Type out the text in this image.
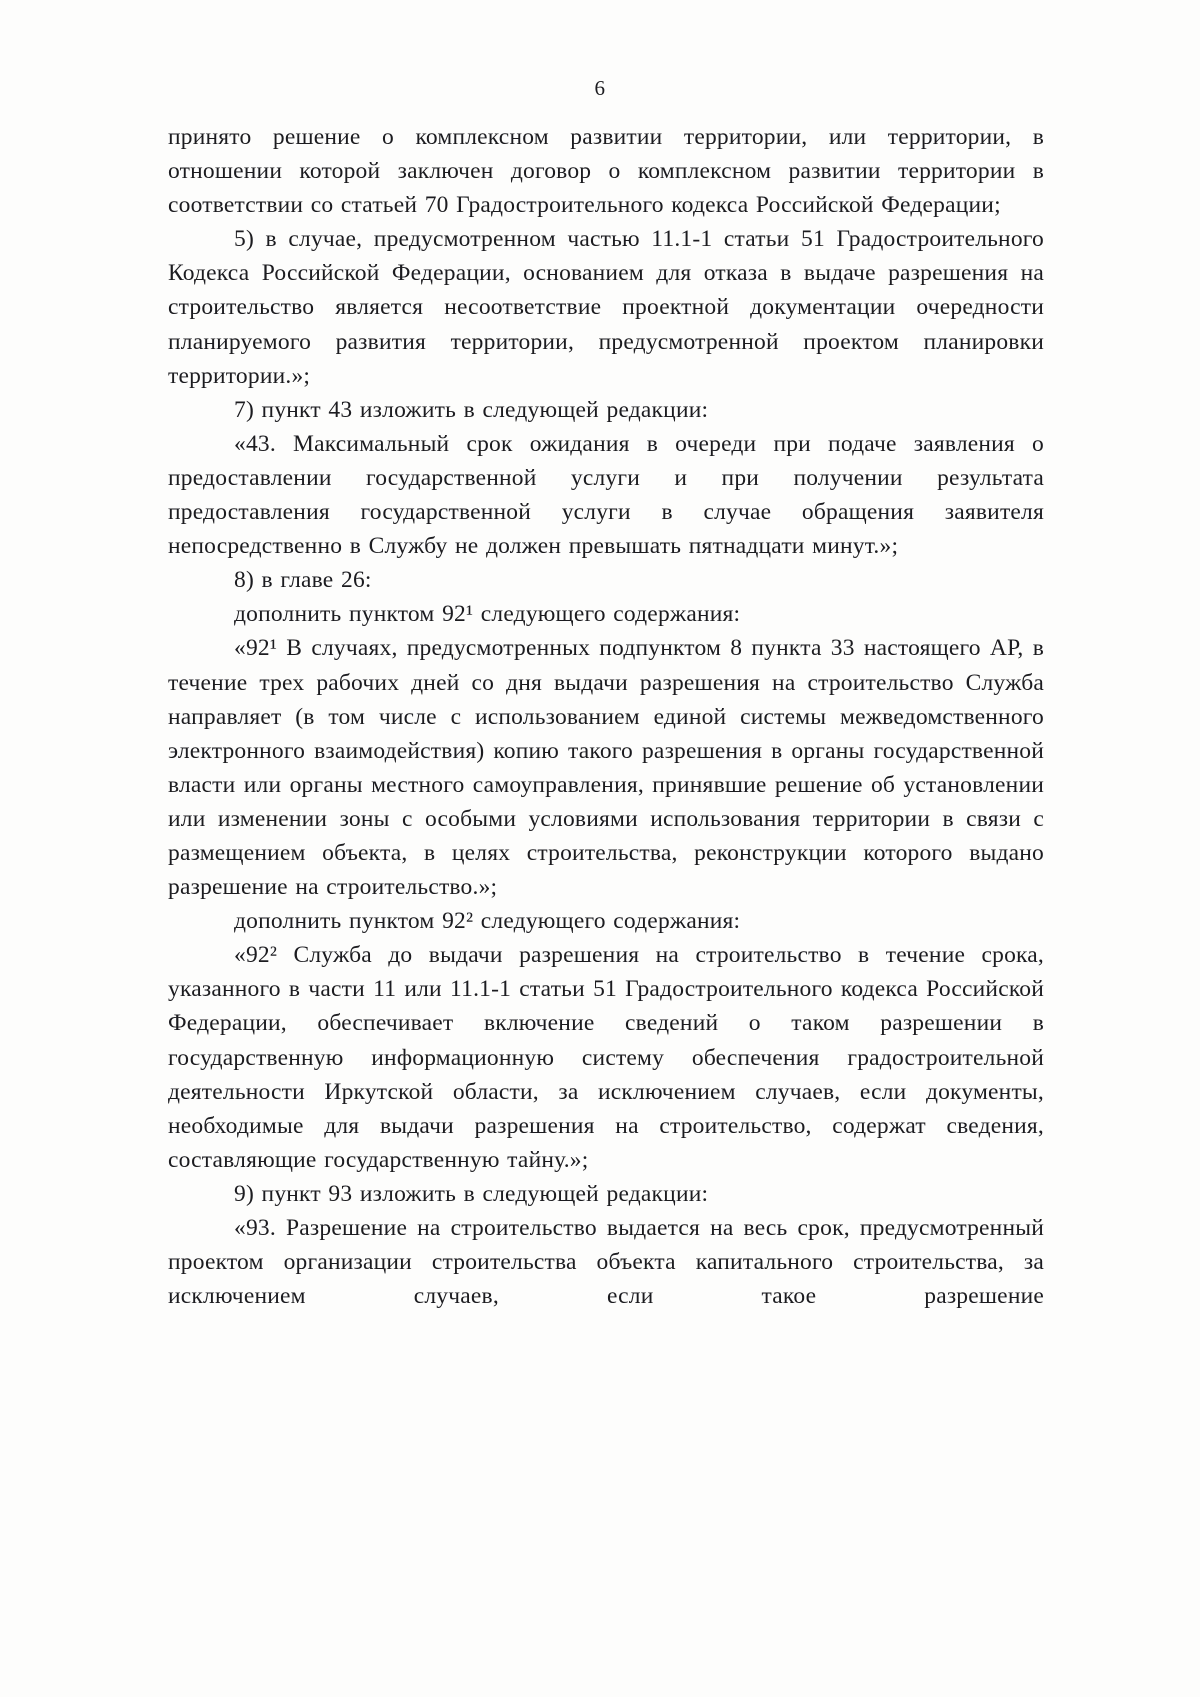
6

принято решение о комплексном развитии территории, или территории, в отношении которой заключен договор о комплексном развитии территории в соответствии со статьей 70 Градостроительного кодекса Российской Федерации;

5) в случае, предусмотренном частью 11.1-1 статьи 51 Градостроительного Кодекса Российской Федерации, основанием для отказа в выдаче разрешения на строительство является несоответствие проектной документации очередности планируемого развития территории, предусмотренной проектом планировки территории.»;

7) пункт 43 изложить в следующей редакции:

«43. Максимальный срок ожидания в очереди при подаче заявления о предоставлении государственной услуги и при получении результата предоставления государственной услуги в случае обращения заявителя непосредственно в Службу не должен превышать пятнадцати минут.»;

8) в главе 26:

дополнить пунктом 92¹ следующего содержания:

«92¹ В случаях, предусмотренных подпунктом 8 пункта 33 настоящего АР, в течение трех рабочих дней со дня выдачи разрешения на строительство Служба направляет (в том числе с использованием единой системы межведомственного электронного взаимодействия) копию такого разрешения в органы государственной власти или органы местного самоуправления, принявшие решение об установлении или изменении зоны с особыми условиями использования территории в связи с размещением объекта, в целях строительства, реконструкции которого выдано разрешение на строительство.»;

дополнить пунктом 92² следующего содержания:

«92² Служба до выдачи разрешения на строительство в течение срока, указанного в части 11 или 11.1-1 статьи 51 Градостроительного кодекса Российской Федерации, обеспечивает включение сведений о таком разрешении в государственную информационную систему обеспечения градостроительной деятельности Иркутской области, за исключением случаев, если документы, необходимые для выдачи разрешения на строительство, содержат сведения, составляющие государственную тайну.»;

9) пункт 93 изложить в следующей редакции:

«93. Разрешение на строительство выдается на весь срок, предусмотренный проектом организации строительства объекта капитального строительства, за исключением случаев, если такое разрешение
